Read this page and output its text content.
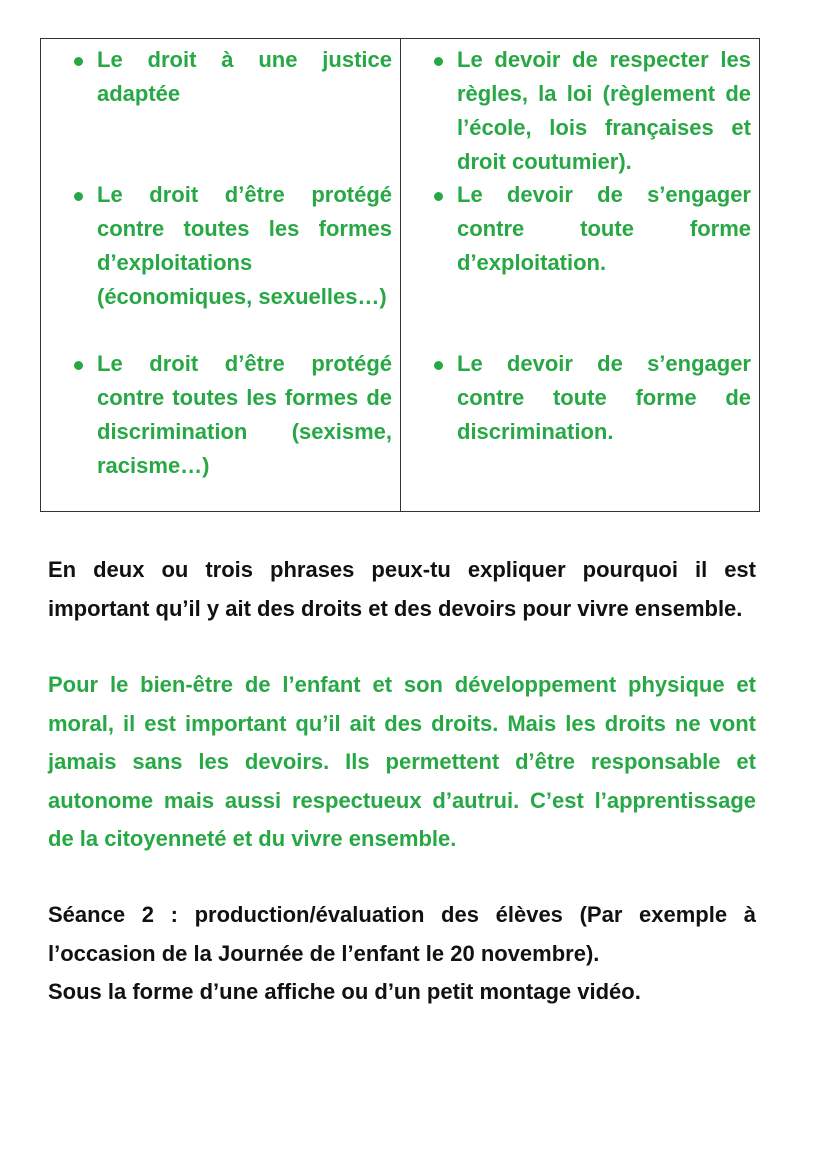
Le droit à une justice adaptée
Le droit d’être protégé contre toutes les formes d’exploitations (économiques, sexuelles…)
Le droit d’être protégé contre toutes les formes de discrimination (sexisme, racisme…)
Le devoir de respecter les règles, la loi (règlement de l’école, lois françaises et droit coutumier).
Le devoir de s’engager contre toute forme d’exploitation.
Le devoir de s’engager contre toute forme de discrimination.

En deux ou trois phrases peux-tu expliquer pourquoi il est important qu’il y ait des droits et des devoirs pour vivre ensemble.

Pour le bien-être de l’enfant et son développement physique et moral, il est important qu’il ait des droits. Mais les droits ne vont jamais sans les devoirs. Ils permettent d’être responsable et autonome mais aussi respectueux d’autrui. C’est l’apprentissage de la citoyenneté et du vivre ensemble.

Séance 2 : production/évaluation des élèves (Par exemple à l’occasion de la Journée de l’enfant le 20 novembre).

Sous la forme d’une affiche ou d’un petit montage vidéo.
